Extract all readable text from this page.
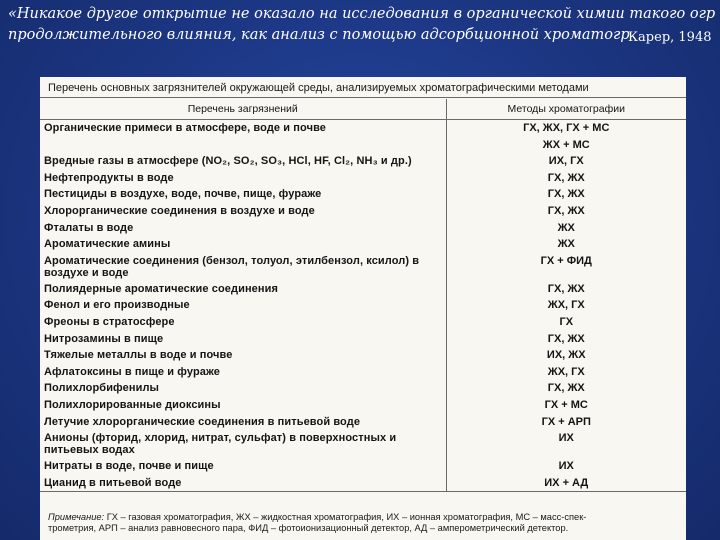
«Никакое другое открытие не оказало на исследования в органической химии такого огр
продолжительного влияния, как анализ с помощью адсорбционной хроматогр
Карер, 1948
Перечень основных загрязнителей окружающей среды, анализируемых хроматографическими методами
Перечень загрязнений	Методы хроматографии
Органические примеси в атмосфере, воде и почве	ГХ, ЖХ, ГХ + МС
	ЖХ + МС
Вредные газы в атмосфере (NO₂, SO₂, SO₃, HCl, HF, Cl₂, NH₃ и др.)	ИХ, ГХ
Нефтепродукты в воде	ГХ, ЖХ
Пестициды в воздухе, воде, почве, пище, фураже	ГХ, ЖХ
Хлорорганические соединения в воздухе и воде	ГХ, ЖХ
Фталаты в воде	ЖХ
Ароматические амины	ЖХ
Ароматические соединения (бензол, толуол, этилбензол, ксилол) в воздухе и воде	ГХ + ФИД
Полиядерные ароматические соединения	ГХ, ЖХ
Фенол и его производные	ЖХ, ГХ
Фреоны в стратосфере	ГХ
Нитрозамины в пище	ГХ, ЖХ
Тяжелые металлы в воде и почве	ИХ, ЖХ
Афлатоксины в пище и фураже	ЖХ, ГХ
Полихлорбифенилы	ГХ, ЖХ
Полихлорированные диоксины	ГХ + МС
Летучие хлорорганические соединения в питьевой воде	ГХ + АРП
Анионы (фторид, хлорид, нитрат, сульфат) в поверхностных и питьевых водах	ИХ
Нитраты в воде, почве и пище	ИХ
Цианид в питьевой воде	ИХ + АД
Примечание: ГХ – газовая хроматография, ЖХ – жидкостная хроматография, ИХ – ионная хроматография, МС – масс-спек-
трометрия, АРП – анализ равновесного пара, ФИД – фотоионизационный детектор, АД – амперометрический детектор.
